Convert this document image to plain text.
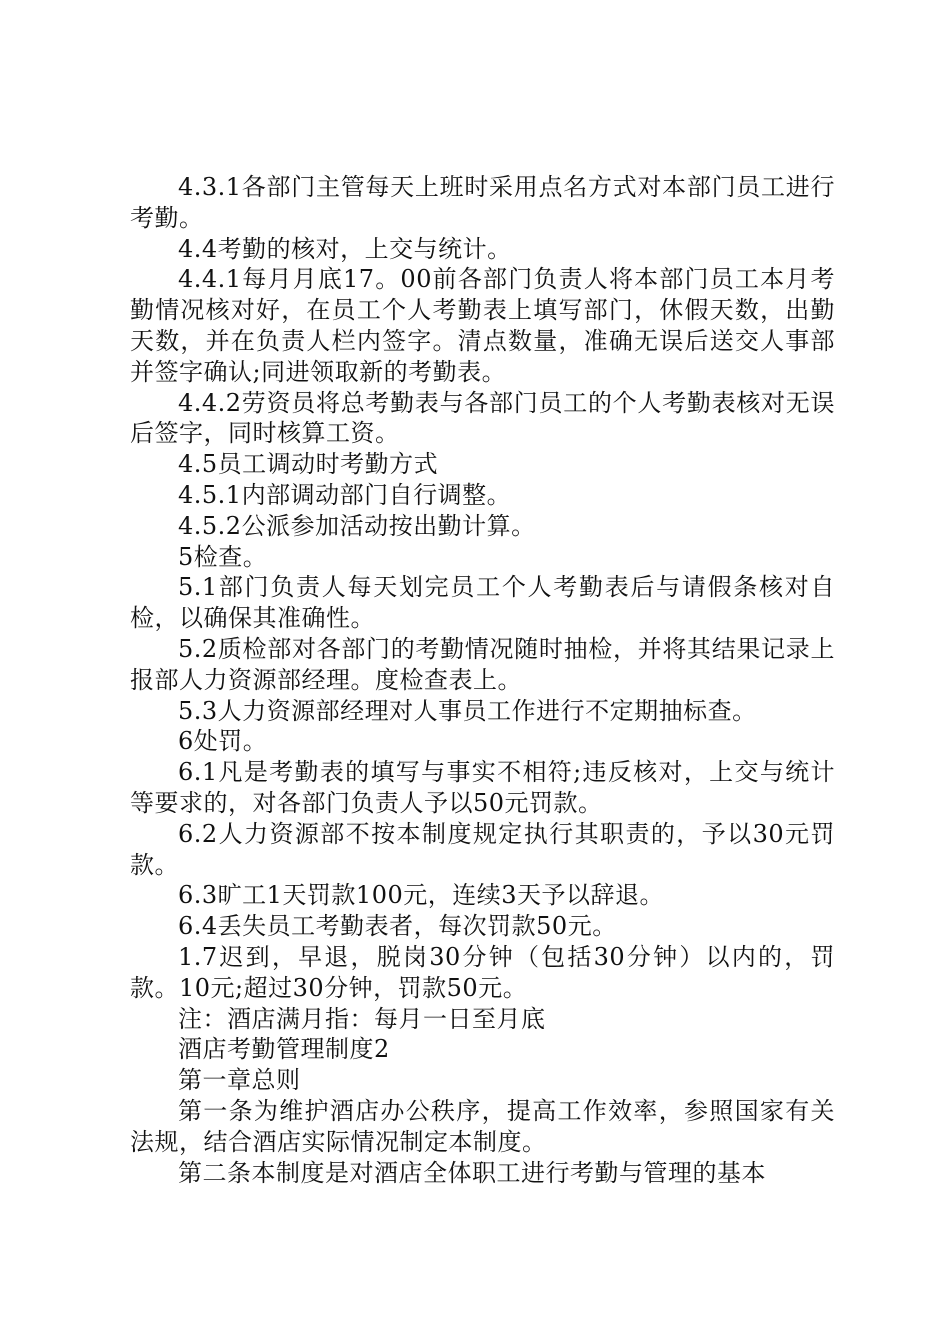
4.3.1各部门主管每天上班时采用点名方式对本部门员工进行考勤。

4.4考勤的核对，上交与统计。

4.4.1每月月底17。00前各部门负责人将本部门员工本月考勤情况核对好，在员工个人考勤表上填写部门，休假天数，出勤天数，并在负责人栏内签字。清点数量，准确无误后送交人事部并签字确认;同进领取新的考勤表。

4.4.2劳资员将总考勤表与各部门员工的个人考勤表核对无误后签字，同时核算工资。

4.5员工调动时考勤方式

4.5.1内部调动部门自行调整。

4.5.2公派参加活动按出勤计算。

5检查。

5.1部门负责人每天划完员工个人考勤表后与请假条核对自检，以确保其准确性。

5.2质检部对各部门的考勤情况随时抽检，并将其结果记录上报部人力资源部经理。度检查表上。

5.3人力资源部经理对人事员工作进行不定期抽标查。

6处罚。

6.1凡是考勤表的填写与事实不相符;违反核对，上交与统计等要求的，对各部门负责人予以50元罚款。

6.2人力资源部不按本制度规定执行其职责的，予以30元罚款。

6.3旷工1天罚款100元，连续3天予以辞退。

6.4丢失员工考勤表者，每次罚款50元。

1.7迟到，早退，脱岗30分钟（包括30分钟）以内的，罚款。10元;超过30分钟，罚款50元。

注：酒店满月指：每月一日至月底

酒店考勤管理制度2

第一章总则

第一条为维护酒店办公秩序，提高工作效率，参照国家有关法规，结合酒店实际情况制定本制度。

第二条本制度是对酒店全体职工进行考勤与管理的基本
